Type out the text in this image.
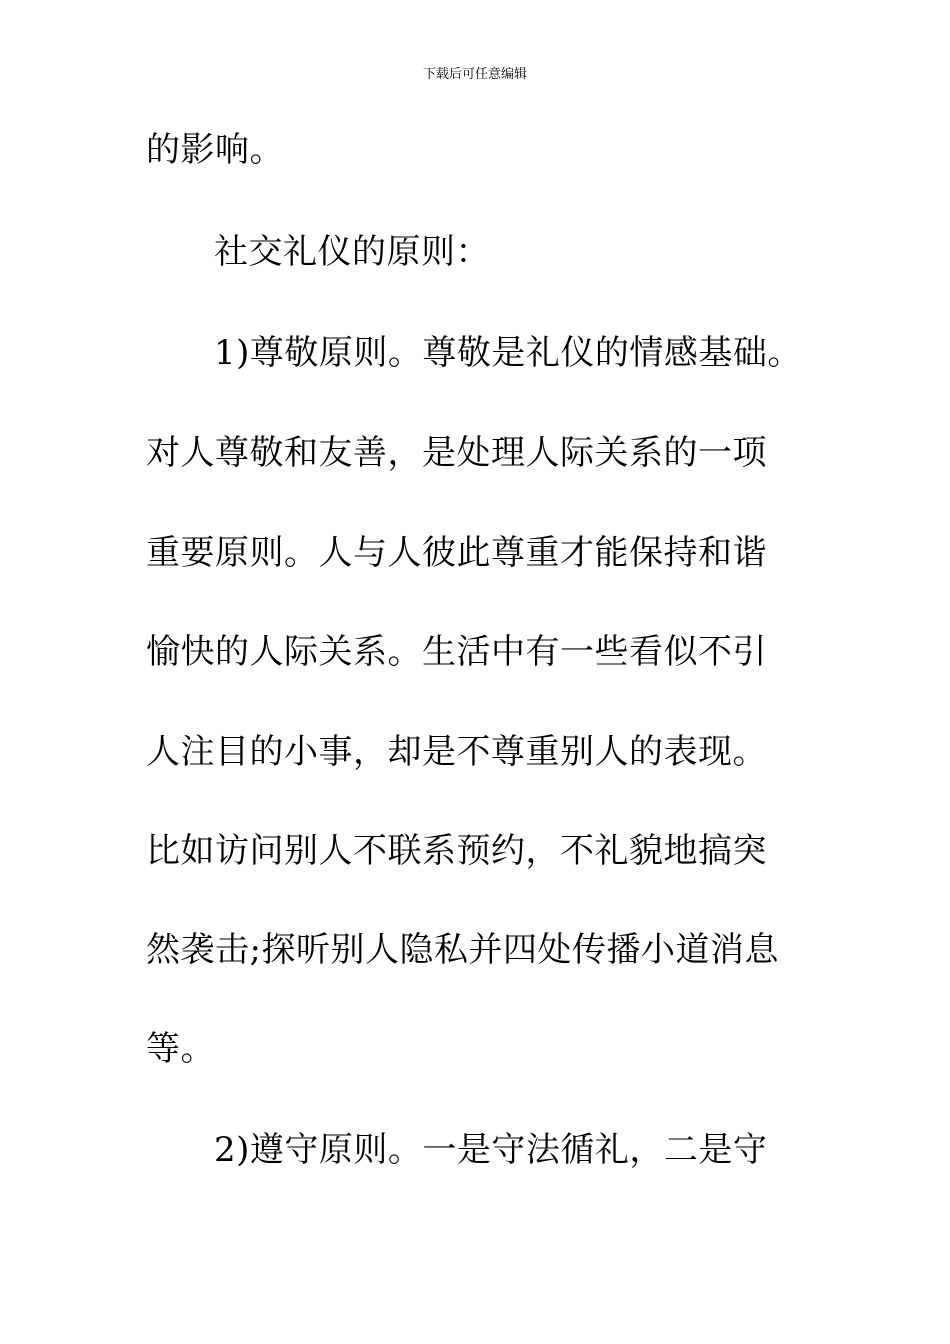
下载后可任意编辑
的影响。
社交礼仪的原则：
1)尊敬原则。尊敬是礼仪的情感基础。
对人尊敬和友善，是处理人际关系的一项
重要原则。人与人彼此尊重才能保持和谐
愉快的人际关系。生活中有一些看似不引
人注目的小事，却是不尊重别人的表现。
比如访问别人不联系预约，不礼貌地搞突
然袭击;探听别人隐私并四处传播小道消息
等。
2)遵守原则。一是守法循礼，二是守
